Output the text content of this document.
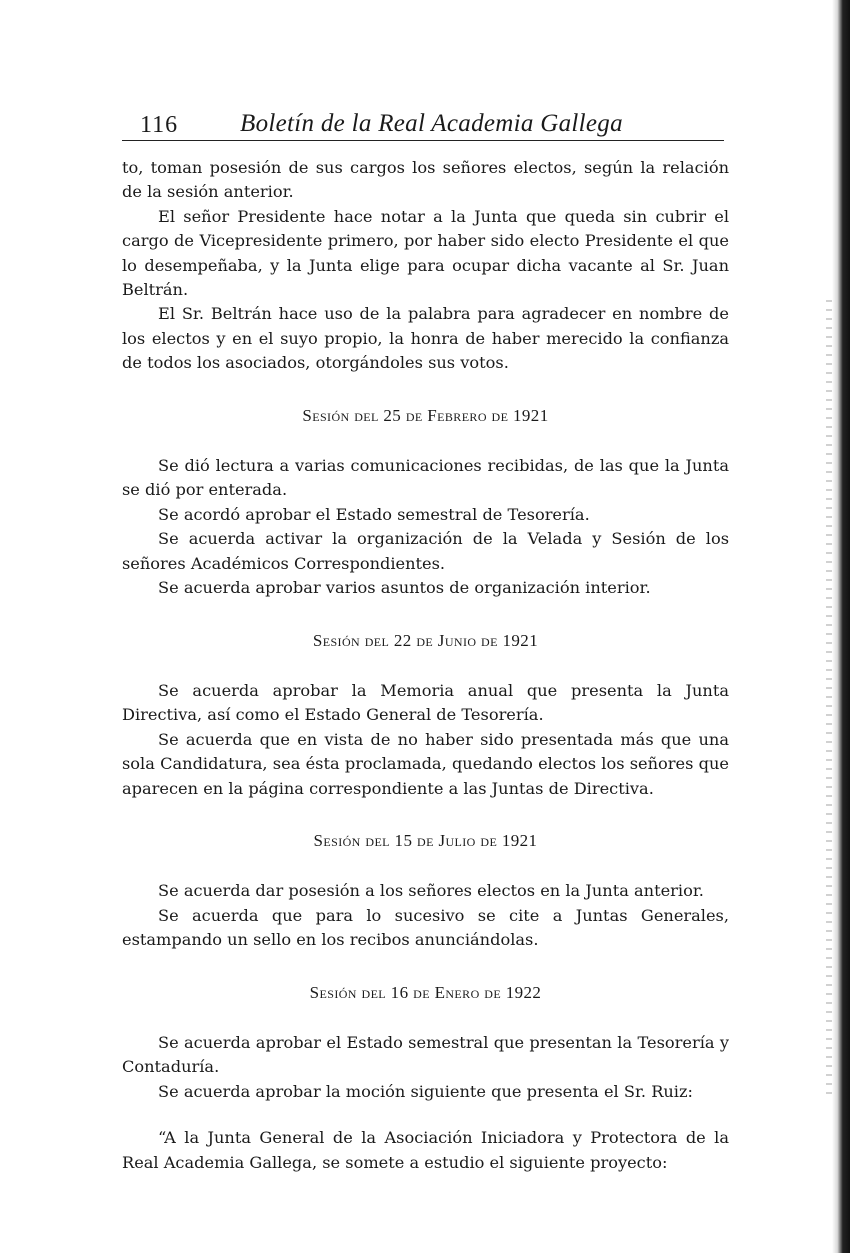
116 Boletín de la Real Academia Gallega

to, toman posesión de sus cargos los señores electos, según la relación de la sesión anterior.

El señor Presidente hace notar a la Junta que queda sin cubrir el cargo de Vicepresidente primero, por haber sido electo Presidente el que lo desempeñaba, y la Junta elige para ocupar dicha vacante al Sr. Juan Beltrán.

El Sr. Beltrán hace uso de la palabra para agradecer en nombre de los electos y en el suyo propio, la honra de haber merecido la confianza de todos los asociados, otorgándoles sus votos.

Sesión del 25 de Febrero de 1921

Se dió lectura a varias comunicaciones recibidas, de las que la Junta se dió por enterada.

Se acordó aprobar el Estado semestral de Tesorería.

Se acuerda activar la organización de la Velada y Sesión de los señores Académicos Correspondientes.

Se acuerda aprobar varios asuntos de organización interior.

Sesión del 22 de Junio de 1921

Se acuerda aprobar la Memoria anual que presenta la Junta Directiva, así como el Estado General de Tesorería.

Se acuerda que en vista de no haber sido presentada más que una sola Candidatura, sea ésta proclamada, quedando electos los señores que aparecen en la página correspondiente a las Juntas de Directiva.

Sesión del 15 de Julio de 1921

Se acuerda dar posesión a los señores electos en la Junta anterior.

Se acuerda que para lo sucesivo se cite a Juntas Generales, estampando un sello en los recibos anunciándolas.

Sesión del 16 de Enero de 1922

Se acuerda aprobar el Estado semestral que presentan la Tesorería y Contaduría.

Se acuerda aprobar la moción siguiente que presenta el Sr. Ruiz:

“A la Junta General de la Asociación Iniciadora y Protectora de la Real Academia Gallega, se somete a estudio el siguiente proyecto:
